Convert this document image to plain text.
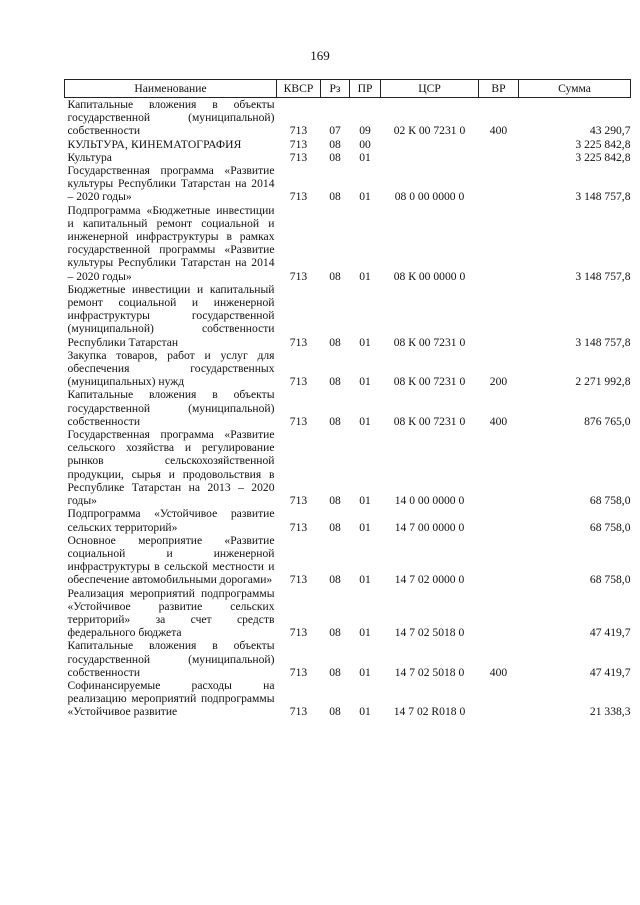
169
Наименование	КВСР	Рз	ПР	ЦСР	ВР	Сумма
Капитальные вложения в объекты государственной (муниципальной) собственности	713	07	09	02 К 00 7231 0	400	43 290,7
КУЛЬТУРА, КИНЕМАТОГРАФИЯ	713	08	00			3 225 842,8
Культура	713	08	01			3 225 842,8
Государственная программа «Развитие культуры Республики Татарстан на 2014 – 2020 годы»	713	08	01	08 0 00 0000 0		3 148 757,8
Подпрограмма «Бюджетные инвестиции и капитальный ремонт социальной и инженерной инфраструктуры в рамках государственной программы «Развитие культуры Республики Татарстан на 2014 – 2020 годы»	713	08	01	08 К 00 0000 0		3 148 757,8
Бюджетные инвестиции и капитальный ремонт социальной и инженерной инфраструктуры государственной (муниципальной) собственности Республики Татарстан	713	08	01	08 К 00 7231 0		3 148 757,8
Закупка товаров, работ и услуг для обеспечения государственных (муниципальных) нужд	713	08	01	08 К 00 7231 0	200	2 271 992,8
Капитальные вложения в объекты государственной (муниципальной) собственности	713	08	01	08 К 00 7231 0	400	876 765,0
Государственная программа «Развитие сельского хозяйства и регулирование рынков сельскохозяйственной продукции, сырья и продовольствия в Республике Татарстан на 2013 – 2020 годы»	713	08	01	14 0 00 0000 0		68 758,0
Подпрограмма «Устойчивое развитие сельских территорий»	713	08	01	14 7 00 0000 0		68 758,0
Основное мероприятие «Развитие социальной и инженерной инфраструктуры в сельской местности и обеспечение автомобильными дорогами»	713	08	01	14 7 02 0000 0		68 758,0
Реализация мероприятий подпрограммы «Устойчивое развитие сельских территорий» за счет средств федерального бюджета	713	08	01	14 7 02 5018 0		47 419,7
Капитальные вложения в объекты государственной (муниципальной) собственности	713	08	01	14 7 02 5018 0	400	47 419,7
Софинансируемые расходы на реализацию мероприятий подпрограммы «Устойчивое развитие	713	08	01	14 7 02 R018 0		21 338,3
